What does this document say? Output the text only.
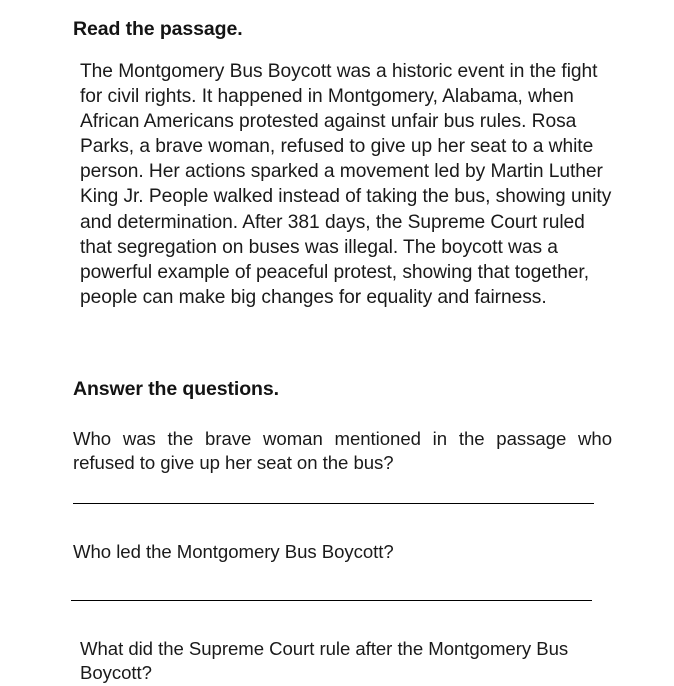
Read the passage.

The Montgomery Bus Boycott was a historic event in the fight for civil rights. It happened in Montgomery, Alabama, when African Americans protested against unfair bus rules. Rosa Parks, a brave woman, refused to give up her seat to a white person. Her actions sparked a movement led by Martin Luther King Jr. People walked instead of taking the bus, showing unity and determination. After 381 days, the Supreme Court ruled that segregation on buses was illegal. The boycott was a powerful example of peaceful protest, showing that together, people can make big changes for equality and fairness.

Answer the questions.

Who was the brave woman mentioned in the passage who refused to give up her seat on the bus?

Who led the Montgomery Bus Boycott?

What did the Supreme Court rule after the Montgomery Bus Boycott?
